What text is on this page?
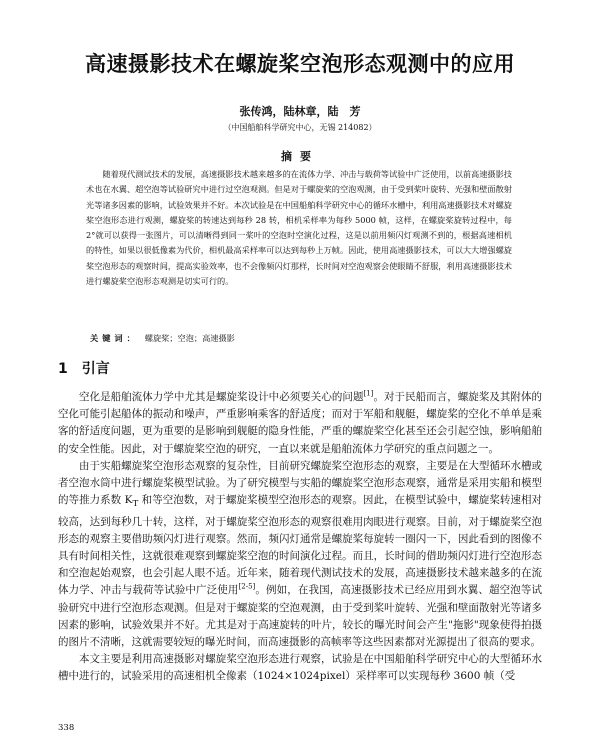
高速摄影技术在螺旋桨空泡形态观测中的应用
张传鸿，陆林章，陆　芳
（中国船舶科学研究中心，无锡 214082）
摘要
随着现代测试技术的发展，高速摄影技术越来越多的在流体力学、冲击与载荷等试验中广泛使用，以前高速摄影技术也在水翼、超空泡等试验研究中进行过空泡观测。但是对于螺旋桨的空泡观测，由于受到桨叶旋转、光强和壁面散射光等诸多因素的影响，试验效果并不好。本次试验是在中国船舶科学研究中心的循环水槽中，利用高速摄影技术对螺旋桨空泡形态进行观测，螺旋桨的转速达到每秒 28 转，相机采样率为每秒 5000 帧，这样，在螺旋桨旋转过程中，每 2°就可以获得一张图片，可以清晰得到同一桨叶的空泡时空演化过程，这是以前用频闪灯观测不到的，根据高速相机的特性，如果以很低像素为代价，相机最高采样率可以达到每秒上万帧。因此，使用高速摄影技术，可以大大增强螺旋桨空泡形态的观察时间，提高实验效率，也不会像频闪灯那样，长时间对空泡观察会使眼睛不舒服，利用高速摄影技术进行螺旋桨空泡形态观测是切实可行的。
关键词： 螺旋桨；空泡；高速摄影
1 引言

空化是船舶流体力学中尤其是螺旋桨设计中必须要关心的问题[1]。对于民船而言，螺旋桨及其附体的空化可能引起船体的振动和噪声，严重影响乘客的舒适度；而对于军船和舰艇，螺旋桨的空化不单单是乘客的舒适度问题，更为重要的是影响到舰艇的隐身性能，严重的螺旋桨空化甚至还会引起空蚀，影响船舶的安全性能。因此，对于螺旋桨空泡的研究，一直以来就是船舶流体力学研究的重点问题之一。

由于实船螺旋桨空泡形态观察的复杂性，目前研究螺旋桨空泡形态的观察，主要是在大型循环水槽或者空泡水筒中进行螺旋桨模型试验。为了研究模型与实船的螺旋桨空泡形态观察，通常是采用实船和模型的等推力系数 $K_T$ 和等空泡数，对于螺旋桨模型空泡形态的观察。因此，在模型试验中，螺旋桨转速相对较高，达到每秒几十转，这样，对于螺旋桨空泡形态的观察很难用肉眼进行观察。目前，对于螺旋桨空泡形态的观察主要借助频闪灯进行观察。然而，频闪灯通常是螺旋桨每旋转一圈闪一下，因此看到的图像不具有时间相关性，这就很难观察到螺旋桨空泡的时间演化过程。而且，长时间的借助频闪灯进行空泡形态和空泡起始观察，也会引起人眼不适。近年来，随着现代测试技术的发展，高速摄影技术越来越多的在流体力学、冲击与载荷等试验中广泛使用[2-5]。例如，在我国，高速摄影技术已经应用到水翼、超空泡等试验研究中进行空泡形态观测。但是对于螺旋桨的空泡观测，由于受到桨叶旋转、光强和壁面散射光等诸多因素的影响，试验效果并不好。尤其是对于高速旋转的叶片，较长的曝光时间会产生"拖影"现象使得拍摄的图片不清晰，这就需要较短的曝光时间，而高速摄影的高帧率等这些因素都对光源提出了很高的要求。

本文主要是利用高速摄影对螺旋桨空泡形态进行观察，试验是在中国船舶科学研究中心的大型循环水槽中进行的，试验采用的高速相机全像素（1024×1024pixel）采样率可以实现每秒 3600 帧（受

338
